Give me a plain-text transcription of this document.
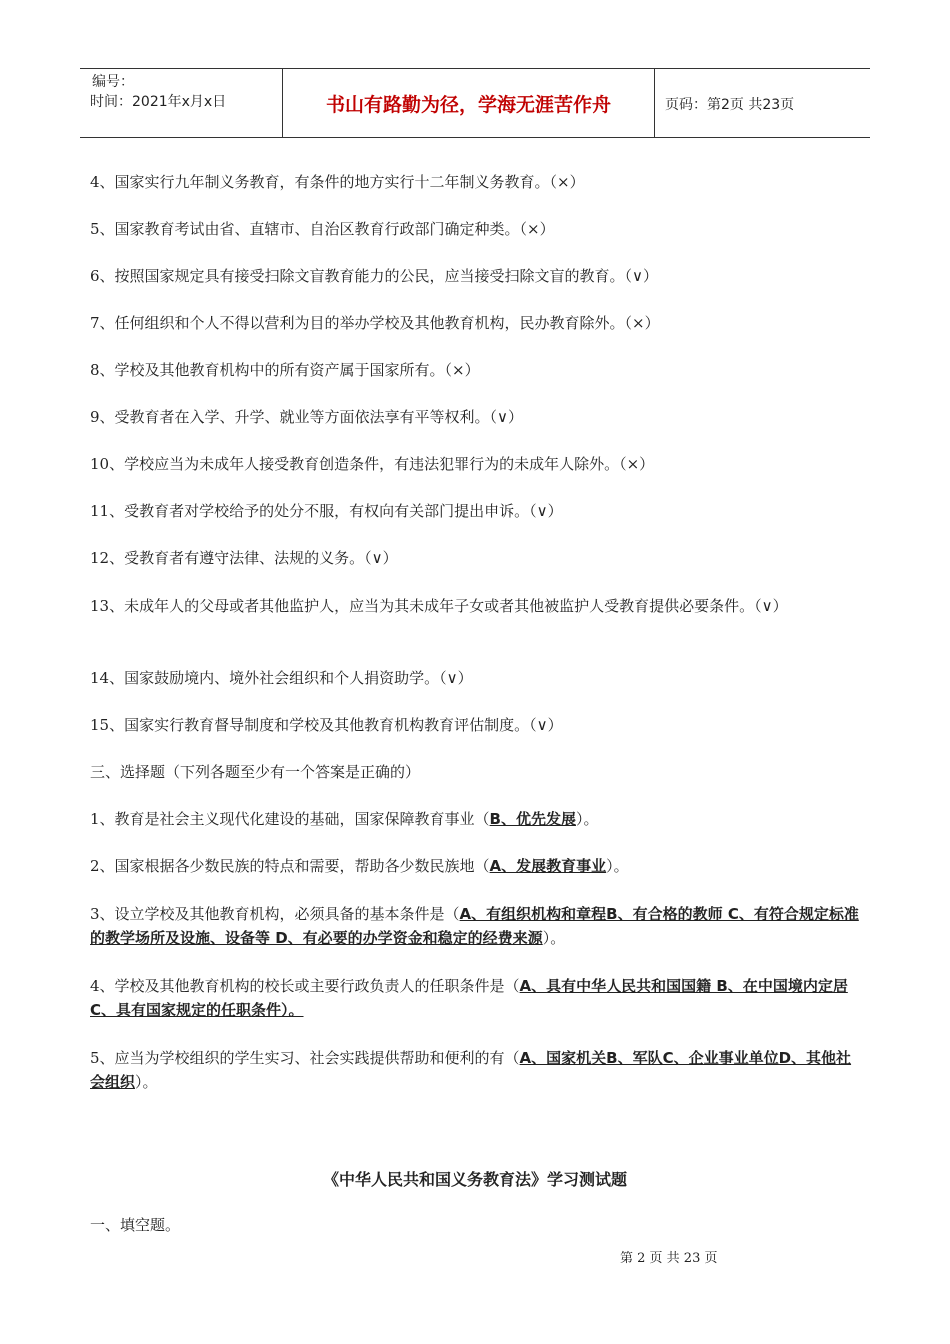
编号：
时间：2021年x月x日	书山有路勤为径，学海无涯苦作舟	页码：第2页 共23页
4、国家实行九年制义务教育，有条件的地方实行十二年制义务教育。（×）
5、国家教育考试由省、直辖市、自治区教育行政部门确定种类。（×）
6、按照国家规定具有接受扫除文盲教育能力的公民，应当接受扫除文盲的教育。（∨）
7、任何组织和个人不得以营利为目的举办学校及其他教育机构，民办教育除外。（×）
8、学校及其他教育机构中的所有资产属于国家所有。（×）
9、受教育者在入学、升学、就业等方面依法享有平等权利。（∨）
10、学校应当为未成年人接受教育创造条件，有违法犯罪行为的未成年人除外。（×）
11、受教育者对学校给予的处分不服，有权向有关部门提出申诉。（∨）
12、受教育者有遵守法律、法规的义务。（∨）
13、未成年人的父母或者其他监护人，应当为其未成年子女或者其他被监护人受教育提供必要条件。（∨）
14、国家鼓励境内、境外社会组织和个人捐资助学。（∨）
15、国家实行教育督导制度和学校及其他教育机构教育评估制度。（∨）
三、选择题（下列各题至少有一个答案是正确的）
1、教育是社会主义现代化建设的基础，国家保障教育事业（B、优先发展）。
2、国家根据各少数民族的特点和需要，帮助各少数民族地（A、发展教育事业）。
3、设立学校及其他教育机构，必须具备的基本条件是（A、有组织机构和章程B、有合格的教师 C、有符合规定标准的教学场所及设施、设备等 D、有必要的办学资金和稳定的经费来源）。
4、学校及其他教育机构的校长或主要行政负责人的任职条件是（A、具有中华人民共和国国籍 B、在中国境内定居 C、具有国家规定的任职条件）。
5、应当为学校组织的学生实习、社会实践提供帮助和便利的有（A、国家机关B、军队C、企业事业单位D、其他社会组织）。
《中华人民共和国义务教育法》学习测试题
一、填空题。
第 2 页 共 23 页
